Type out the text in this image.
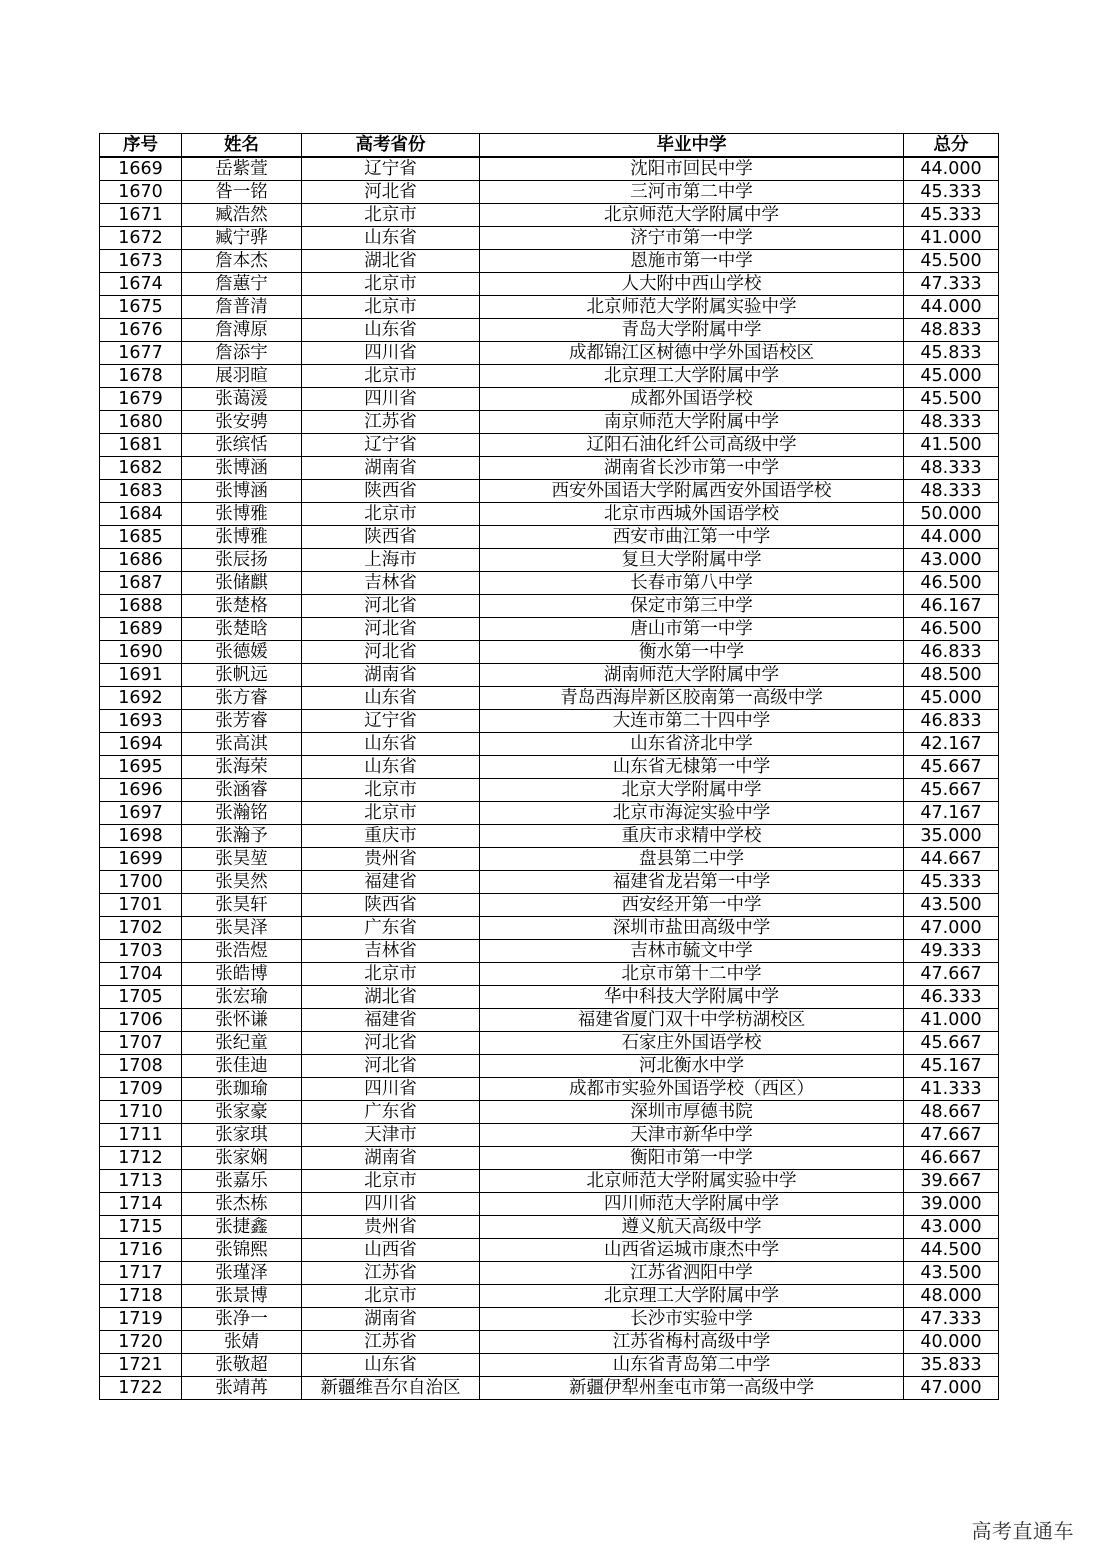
序号	姓名	高考省份	毕业中学	总分
1669	岳紫萱	辽宁省	沈阳市回民中学	44.000
1670	昝一铭	河北省	三河市第二中学	45.333
1671	臧浩然	北京市	北京师范大学附属中学	45.333
1672	臧宁骅	山东省	济宁市第一中学	41.000
1673	詹本杰	湖北省	恩施市第一中学	45.500
1674	詹蕙宁	北京市	人大附中西山学校	47.333
1675	詹普清	北京市	北京师范大学附属实验中学	44.000
1676	詹溥原	山东省	青岛大学附属中学	48.833
1677	詹添宇	四川省	成都锦江区树德中学外国语校区	45.833
1678	展羽暄	北京市	北京理工大学附属中学	45.000
1679	张蔼湲	四川省	成都外国语学校	45.500
1680	张安骋	江苏省	南京师范大学附属中学	48.333
1681	张缤恬	辽宁省	辽阳石油化纤公司高级中学	41.500
1682	张博涵	湖南省	湖南省长沙市第一中学	48.333
1683	张博涵	陕西省	西安外国语大学附属西安外国语学校	48.333
1684	张博雅	北京市	北京市西城外国语学校	50.000
1685	张博雅	陕西省	西安市曲江第一中学	44.000
1686	张辰扬	上海市	复旦大学附属中学	43.000
1687	张储麒	吉林省	长春市第八中学	46.500
1688	张楚格	河北省	保定市第三中学	46.167
1689	张楚晗	河北省	唐山市第一中学	46.500
1690	张德媛	河北省	衡水第一中学	46.833
1691	张帆远	湖南省	湖南师范大学附属中学	48.500
1692	张方睿	山东省	青岛西海岸新区胶南第一高级中学	45.000
1693	张芳睿	辽宁省	大连市第二十四中学	46.833
1694	张高淇	山东省	山东省济北中学	42.167
1695	张海荣	山东省	山东省无棣第一中学	45.667
1696	张涵睿	北京市	北京大学附属中学	45.667
1697	张瀚铭	北京市	北京市海淀实验中学	47.167
1698	张瀚予	重庆市	重庆市求精中学校	35.000
1699	张昊堃	贵州省	盘县第二中学	44.667
1700	张昊然	福建省	福建省龙岩第一中学	45.333
1701	张昊轩	陕西省	西安经开第一中学	43.500
1702	张昊泽	广东省	深圳市盐田高级中学	47.000
1703	张浩煜	吉林省	吉林市毓文中学	49.333
1704	张皓博	北京市	北京市第十二中学	47.667
1705	张宏瑜	湖北省	华中科技大学附属中学	46.333
1706	张怀谦	福建省	福建省厦门双十中学枋湖校区	41.000
1707	张纪童	河北省	石家庄外国语学校	45.667
1708	张佳迪	河北省	河北衡水中学	45.167
1709	张珈瑜	四川省	成都市实验外国语学校（西区）	41.333
1710	张家豪	广东省	深圳市厚德书院	48.667
1711	张家琪	天津市	天津市新华中学	47.667
1712	张家娴	湖南省	衡阳市第一中学	46.667
1713	张嘉乐	北京市	北京师范大学附属实验中学	39.667
1714	张杰栋	四川省	四川师范大学附属中学	39.000
1715	张捷鑫	贵州省	遵义航天高级中学	43.000
1716	张锦熙	山西省	山西省运城市康杰中学	44.500
1717	张瑾泽	江苏省	江苏省泗阳中学	43.500
1718	张景博	北京市	北京理工大学附属中学	48.000
1719	张净一	湖南省	长沙市实验中学	47.333
1720	张婧	江苏省	江苏省梅村高级中学	40.000
1721	张敬超	山东省	山东省青岛第二中学	35.833
1722	张靖苒	新疆维吾尔自治区	新疆伊犁州奎屯市第一高级中学	47.000
高考直通车
